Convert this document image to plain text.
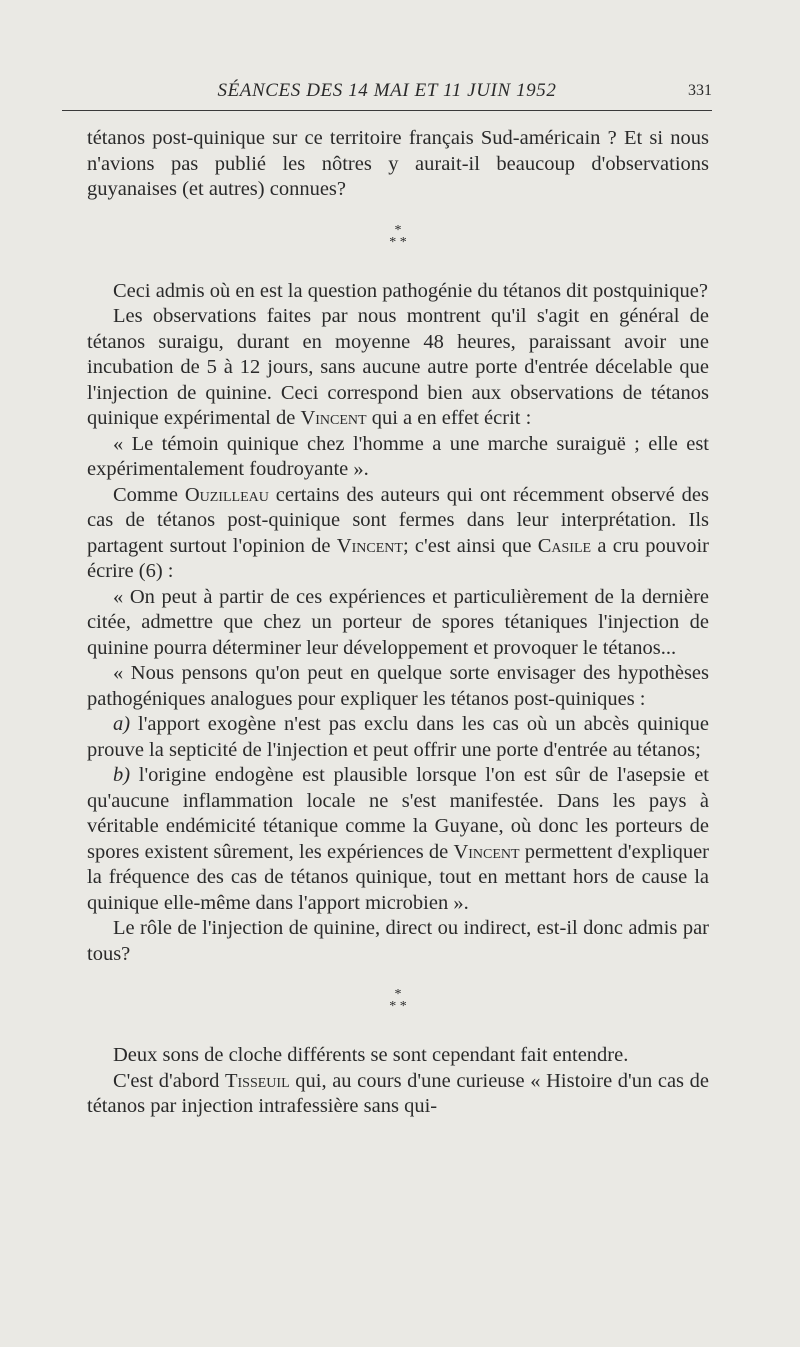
SÉANCES DES 14 MAI ET 11 JUIN 1952	331

tétanos post-quinique sur ce territoire français Sud-américain ? Et si nous n'avions pas publié les nôtres y aurait-il beaucoup d'observations guyanaises (et autres) connues?

*
* *

Ceci admis où en est la question pathogénie du tétanos dit postquinique?

Les observations faites par nous montrent qu'il s'agit en général de tétanos suraigu, durant en moyenne 48 heures, paraissant avoir une incubation de 5 à 12 jours, sans aucune autre porte d'entrée décelable que l'injection de quinine. Ceci correspond bien aux observations de tétanos quinique expérimental de Vincent qui a en effet écrit :

« Le témoin quinique chez l'homme a une marche suraiguë ; elle est expérimentalement foudroyante ».

Comme Ouzilleau certains des auteurs qui ont récemment observé des cas de tétanos post-quinique sont fermes dans leur interprétation. Ils partagent surtout l'opinion de Vincent; c'est ainsi que Casile a cru pouvoir écrire (6) :

« On peut à partir de ces expériences et particulièrement de la dernière citée, admettre que chez un porteur de spores tétaniques l'injection de quinine pourra déterminer leur développement et provoquer le tétanos...

« Nous pensons qu'on peut en quelque sorte envisager des hypothèses pathogéniques analogues pour expliquer les tétanos post-quiniques :

a) l'apport exogène n'est pas exclu dans les cas où un abcès quinique prouve la septicité de l'injection et peut offrir une porte d'entrée au tétanos;

b) l'origine endogène est plausible lorsque l'on est sûr de l'asepsie et qu'aucune inflammation locale ne s'est manifestée. Dans les pays à véritable endémicité tétanique comme la Guyane, où donc les porteurs de spores existent sûrement, les expériences de Vincent permettent d'expliquer la fréquence des cas de tétanos quinique, tout en mettant hors de cause la quinique elle-même dans l'apport microbien ».

Le rôle de l'injection de quinine, direct ou indirect, est-il donc admis par tous?

*
* *

Deux sons de cloche différents se sont cependant fait entendre.

C'est d'abord Tisseuil qui, au cours d'une curieuse « Histoire d'un cas de tétanos par injection intrafessière sans qui-
